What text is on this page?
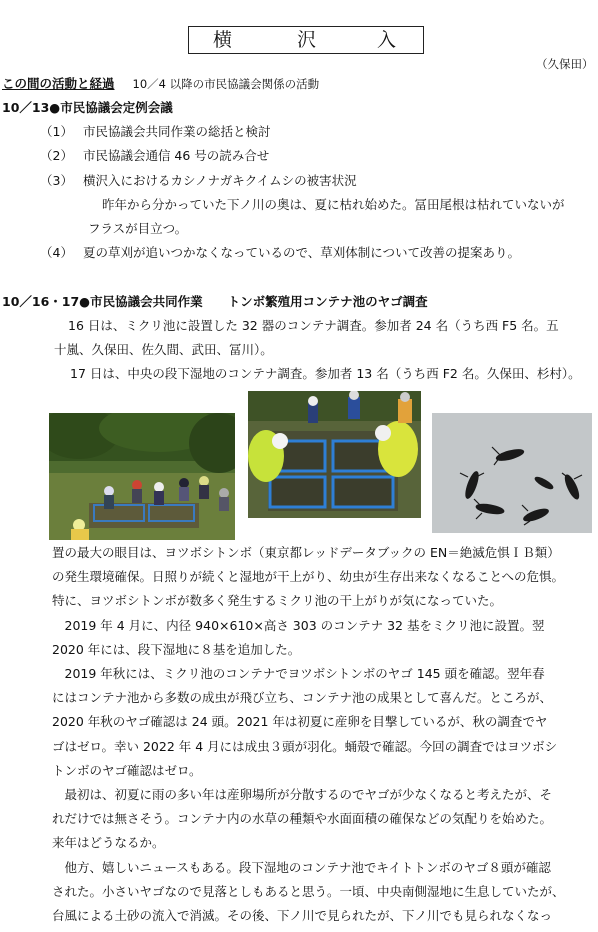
横	沢	入
（久保田）
この間の活動と経過 10／4 以降の市民協議会関係の活動
10／13●市民協議会定例会議
（1） 市民協議会共同作業の総括と検討
（2） 市民協議会通信 46 号の読み合せ
（3） 横沢入におけるカシノナガキクイムシの被害状況
昨年から分かっていた下ノ川の奥は、夏に枯れ始めた。冨田尾根は枯れていないが
フラスが目立つ。
（4） 夏の草刈が追いつかなくなっているので、草刈体制について改善の提案あり。
10／16・17●市民協議会共同作業　　トンボ繁殖用コンテナ池のヤゴ調査
16 日は、ミクリ池に設置した 32 器のコンテナ調査。参加者 24 名（うち西 F5 名。五
十嵐、久保田、佐久間、武田、冨川）。
17 日は、中央の段下湿地のコンテナ調査。参加者 13 名（うち西 F2 名。久保田、杉村）。

置の最大の眼目は、ヨツボシトンボ（東京都レッドデータブックの EN＝絶滅危惧ＩＢ類）

の発生環境確保。日照りが続くと湿地が干上がり、幼虫が生存出来なくなることへの危惧。

特に、ヨツボシトンボが数多く発生するミクリ池の干上がりが気になっていた。

　2019 年 4 月に、内径 940×610×高さ 303 のコンテナ 32 基をミクリ池に設置。翌

2020 年には、段下湿地に８基を追加した。

　2019 年秋には、ミクリ池のコンテナでヨツボシトンボのヤゴ 145 頭を確認。翌年春

にはコンテナ池から多数の成虫が飛び立ち、コンテナ池の成果として喜んだ。ところが、

2020 年秋のヤゴ確認は 24 頭。2021 年は初夏に産卵を目撃しているが、秋の調査でヤ

ゴはゼロ。幸い 2022 年 4 月には成虫３頭が羽化。蛹殻で確認。今回の調査ではヨツボシ

トンボのヤゴ確認はゼロ。

　最初は、初夏に雨の多い年は産卵場所が分散するのでヤゴが少なくなると考えたが、そ

れだけでは無さそう。コンテナ内の水草の種類や水面面積の確保などの気配りを始めた。

来年はどうなるか。

　他方、嬉しいニュースもある。段下湿地のコンテナ池でキイトトンボのヤゴ８頭が確認

された。小さいヤゴなので見落としもあると思う。一頃、中央南側湿地に生息していたが、

台風による土砂の流入で消滅。その後、下ノ川で見られたが、下ノ川でも見られなくなっ
